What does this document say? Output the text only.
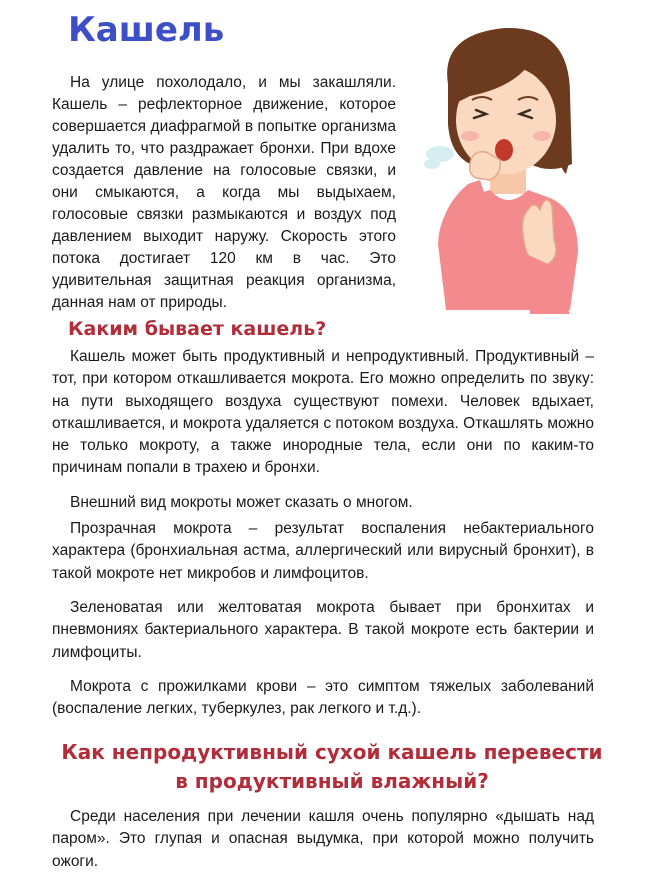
Кашель

На улице похолодало, и мы закашляли. Кашель – рефлекторное движение, которое совершается диафрагмой в попытке организма удалить то, что раздражает бронхи. При вдохе создается давление на голосовые связки, и они смыкаются, а когда мы выдыхаем, голосовые связки размыкаются и воздух под давлением выходит наружу. Скорость этого потока достигает 120 км в час. Это удивительная защитная реакция организма, данная нам от природы.

Каким бывает кашель?

Кашель может быть продуктивный и непродуктивный. Продуктивный – тот, при котором откашливается мокрота. Его можно определить по звуку: на пути выходящего воздуха существуют помехи. Человек вдыхает, откашливается, и мокрота удаляется с потоком воздуха. Откашлять можно не только мокроту, а также инородные тела, если они по каким-то причинам попали в трахею и бронхи.

Внешний вид мокроты может сказать о многом.

Прозрачная мокрота – результат воспаления небактериального характера (бронхиальная астма, аллергический или вирусный бронхит), в такой мокроте нет микробов и лимфоцитов.

Зеленоватая или желтоватая мокрота бывает при бронхитах и пневмониях бактериального характера. В такой мокроте есть бактерии и лимфоциты.

Мокрота с прожилками крови – это симптом тяжелых заболеваний (воспаление легких, туберкулез, рак легкого и т.д.).

Как непродуктивный сухой кашель перевести в продуктивный влажный?

Среди населения при лечении кашля очень популярно «дышать над паром». Это глупая и опасная выдумка, при которой можно получить ожоги.
